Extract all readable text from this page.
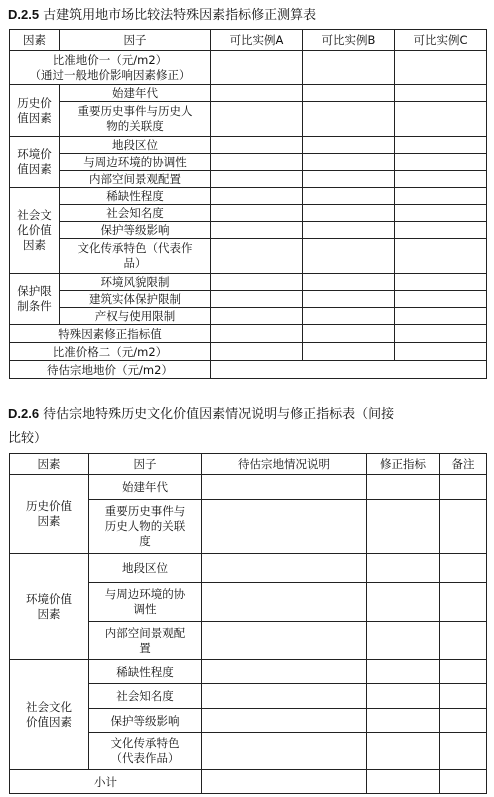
D.2.5 古建筑用地市场比较法特殊因素指标修正测算表
因素	因子	可比实例A	可比实例B	可比实例C

比准地价一（元/m2）
（通过一般地价影响因素修正）				

历史价
值因素	始建年代			

	重要历史事件与历史人
物的关联度			

环境价
值因素	地段区位			

	与周边环境的协调性			

	内部空间景观配置			

社会文
化价值
因素	稀缺性程度			

	社会知名度			

	保护等级影响			

	文化传承特色（代表作
品）			

保护限
制条件	环境风貌限制			

	建筑实体保护限制			

	产权与使用限制			

特殊因素修正指标值				
比准价格二（元/m2）				
待估宗地地价（元/m2）				
D.2.6 待估宗地特殊历史文化价值因素情况说明与修正指标表（间接
比较）
因素	因子	待估宗地情况说明	修正指标	备注

历史价值
因素	始建年代			

	重要历史事件与
历史人物的关联
度			

环境价值
因素	地段区位			

	与周边环境的协
调性			

	内部空间景观配
置			

社会文化
价值因素	稀缺性程度			

	社会知名度			

	保护等级影响			

	文化传承特色
（代表作品）			

小计				
